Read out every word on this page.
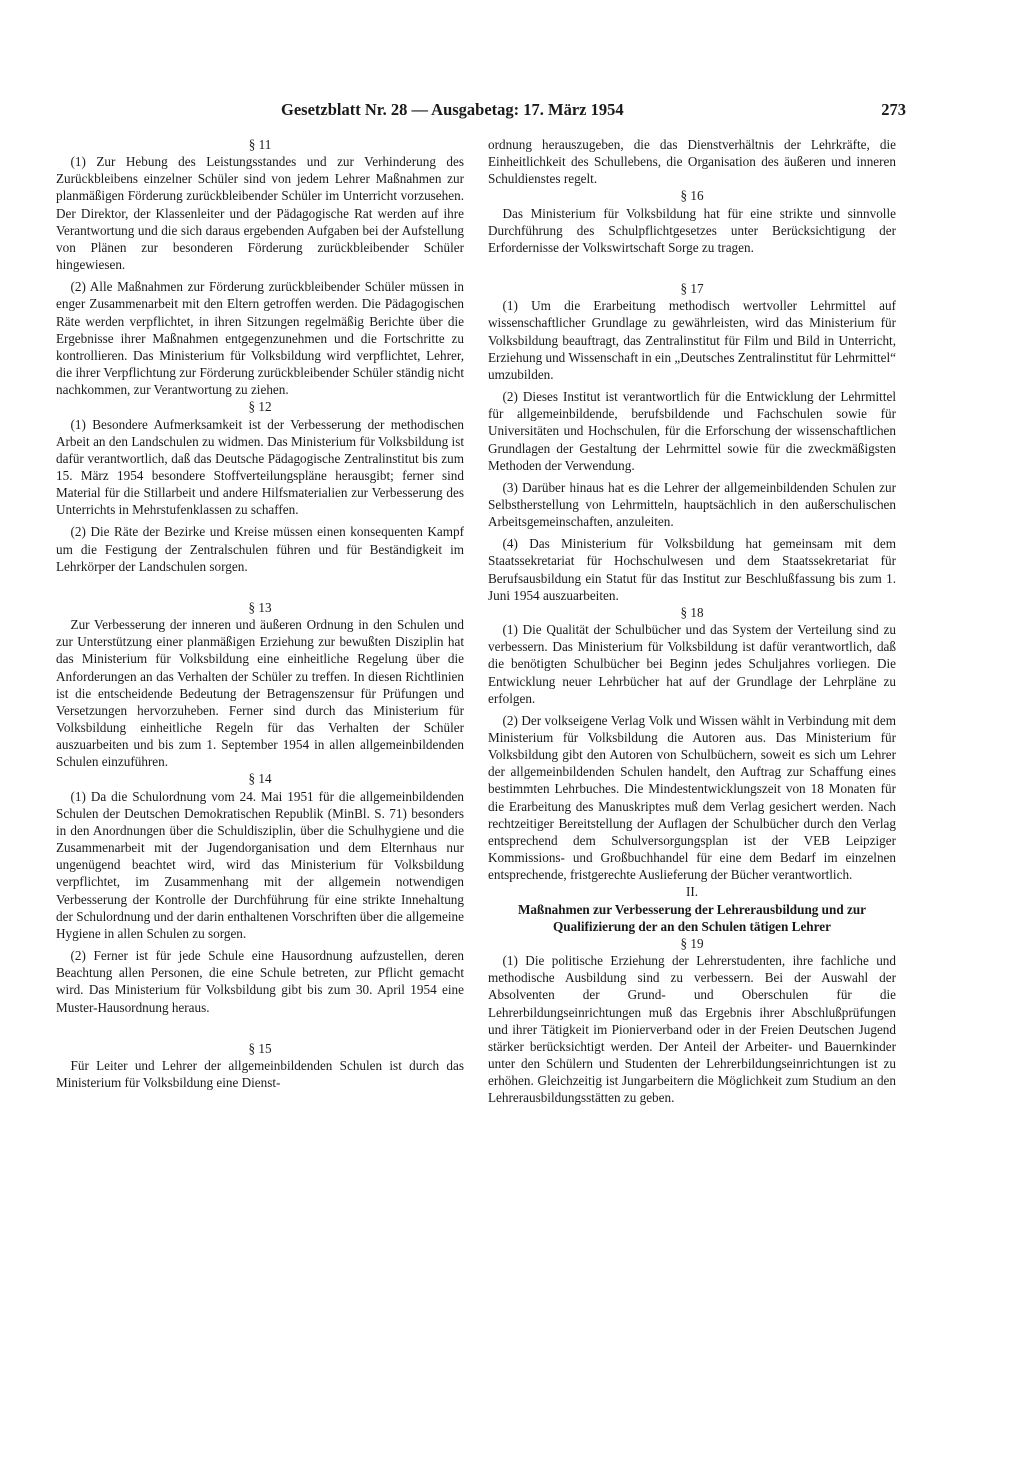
Gesetzblatt Nr. 28 — Ausgabetag: 17. März 1954	273

§ 11

(1) Zur Hebung des Leistungsstandes und zur Verhinderung des Zurückbleibens einzelner Schüler sind von jedem Lehrer Maßnahmen zur planmäßigen Förderung zurückbleibender Schüler im Unterricht vorzusehen. Der Direktor, der Klassenleiter und der Pädagogische Rat werden auf ihre Verantwortung und die sich daraus ergebenden Aufgaben bei der Aufstellung von Plänen zur besonderen Förderung zurückbleibender Schüler hingewiesen.

(2) Alle Maßnahmen zur Förderung zurückbleibender Schüler müssen in enger Zusammenarbeit mit den Eltern getroffen werden. Die Pädagogischen Räte werden verpflichtet, in ihren Sitzungen regelmäßig Berichte über die Ergebnisse ihrer Maßnahmen entgegenzunehmen und die Fortschritte zu kontrollieren. Das Ministerium für Volksbildung wird verpflichtet, Lehrer, die ihrer Verpflichtung zur Förderung zurückbleibender Schüler ständig nicht nachkommen, zur Verantwortung zu ziehen.

§ 12

(1) Besondere Aufmerksamkeit ist der Verbesserung der methodischen Arbeit an den Landschulen zu widmen. Das Ministerium für Volksbildung ist dafür verantwortlich, daß das Deutsche Pädagogische Zentralinstitut bis zum 15. März 1954 besondere Stoffverteilungspläne herausgibt; ferner sind Material für die Stillarbeit und andere Hilfsmaterialien zur Verbesserung des Unterrichts in Mehrstufenklassen zu schaffen.

(2) Die Räte der Bezirke und Kreise müssen einen konsequenten Kampf um die Festigung der Zentralschulen führen und für Beständigkeit im Lehrkörper der Landschulen sorgen.

§ 13

Zur Verbesserung der inneren und äußeren Ordnung in den Schulen und zur Unterstützung einer planmäßigen Erziehung zur bewußten Disziplin hat das Ministerium für Volksbildung eine einheitliche Regelung über die Anforderungen an das Verhalten der Schüler zu treffen. In diesen Richtlinien ist die entscheidende Bedeutung der Betragenszensur für Prüfungen und Versetzungen hervorzuheben. Ferner sind durch das Ministerium für Volksbildung einheitliche Regeln für das Verhalten der Schüler auszuarbeiten und bis zum 1. September 1954 in allen allgemeinbildenden Schulen einzuführen.

§ 14

(1) Da die Schulordnung vom 24. Mai 1951 für die allgemeinbildenden Schulen der Deutschen Demokratischen Republik (MinBl. S. 71) besonders in den Anordnungen über die Schuldisziplin, über die Schulhygiene und die Zusammenarbeit mit der Jugendorganisation und dem Elternhaus nur ungenügend beachtet wird, wird das Ministerium für Volksbildung verpflichtet, im Zusammenhang mit der allgemein notwendigen Verbesserung der Kontrolle der Durchführung für eine strikte Innehaltung der Schulordnung und der darin enthaltenen Vorschriften über die allgemeine Hygiene in allen Schulen zu sorgen.

(2) Ferner ist für jede Schule eine Hausordnung aufzustellen, deren Beachtung allen Personen, die eine Schule betreten, zur Pflicht gemacht wird. Das Ministerium für Volksbildung gibt bis zum 30. April 1954 eine Muster-Hausordnung heraus.

§ 15

Für Leiter und Lehrer der allgemeinbildenden Schulen ist durch das Ministerium für Volksbildung eine Dienst-

ordnung herauszugeben, die das Dienstverhältnis der Lehrkräfte, die Einheitlichkeit des Schullebens, die Organisation des äußeren und inneren Schuldienstes regelt.

§ 16

Das Ministerium für Volksbildung hat für eine strikte und sinnvolle Durchführung des Schulpflichtgesetzes unter Berücksichtigung der Erfordernisse der Volkswirtschaft Sorge zu tragen.

§ 17

(1) Um die Erarbeitung methodisch wertvoller Lehrmittel auf wissenschaftlicher Grundlage zu gewährleisten, wird das Ministerium für Volksbildung beauftragt, das Zentralinstitut für Film und Bild in Unterricht, Erziehung und Wissenschaft in ein „Deutsches Zentralinstitut für Lehrmittel“ umzubilden.

(2) Dieses Institut ist verantwortlich für die Entwicklung der Lehrmittel für allgemeinbildende, berufsbildende und Fachschulen sowie für Universitäten und Hochschulen, für die Erforschung der wissenschaftlichen Grundlagen der Gestaltung der Lehrmittel sowie für die zweckmäßigsten Methoden der Verwendung.

(3) Darüber hinaus hat es die Lehrer der allgemeinbildenden Schulen zur Selbstherstellung von Lehrmitteln, hauptsächlich in den außerschulischen Arbeitsgemeinschaften, anzuleiten.

(4) Das Ministerium für Volksbildung hat gemeinsam mit dem Staatssekretariat für Hochschulwesen und dem Staatssekretariat für Berufsausbildung ein Statut für das Institut zur Beschlußfassung bis zum 1. Juni 1954 auszuarbeiten.

§ 18

(1) Die Qualität der Schulbücher und das System der Verteilung sind zu verbessern. Das Ministerium für Volksbildung ist dafür verantwortlich, daß die benötigten Schulbücher bei Beginn jedes Schuljahres vorliegen. Die Entwicklung neuer Lehrbücher hat auf der Grundlage der Lehrpläne zu erfolgen.

(2) Der volkseigene Verlag Volk und Wissen wählt in Verbindung mit dem Ministerium für Volksbildung die Autoren aus. Das Ministerium für Volksbildung gibt den Autoren von Schulbüchern, soweit es sich um Lehrer der allgemeinbildenden Schulen handelt, den Auftrag zur Schaffung eines bestimmten Lehrbuches. Die Mindestentwicklungszeit von 18 Monaten für die Erarbeitung des Manuskriptes muß dem Verlag gesichert werden. Nach rechtzeitiger Bereitstellung der Auflagen der Schulbücher durch den Verlag entsprechend dem Schulversorgungsplan ist der VEB Leipziger Kommissions- und Großbuchhandel für eine dem Bedarf im einzelnen entsprechende, fristgerechte Auslieferung der Bücher verantwortlich.

II.

Maßnahmen zur Verbesserung der Lehrerausbildung und zur Qualifizierung der an den Schulen tätigen Lehrer

§ 19

(1) Die politische Erziehung der Lehrerstudenten, ihre fachliche und methodische Ausbildung sind zu verbessern. Bei der Auswahl der Absolventen der Grund- und Oberschulen für die Lehrerbildungseinrichtungen muß das Ergebnis ihrer Abschlußprüfungen und ihrer Tätigkeit im Pionierverband oder in der Freien Deutschen Jugend stärker berücksichtigt werden. Der Anteil der Arbeiter- und Bauernkinder unter den Schülern und Studenten der Lehrerbildungseinrichtungen ist zu erhöhen. Gleichzeitig ist Jungarbeitern die Möglichkeit zum Studium an den Lehrerausbildungsstätten zu geben.
